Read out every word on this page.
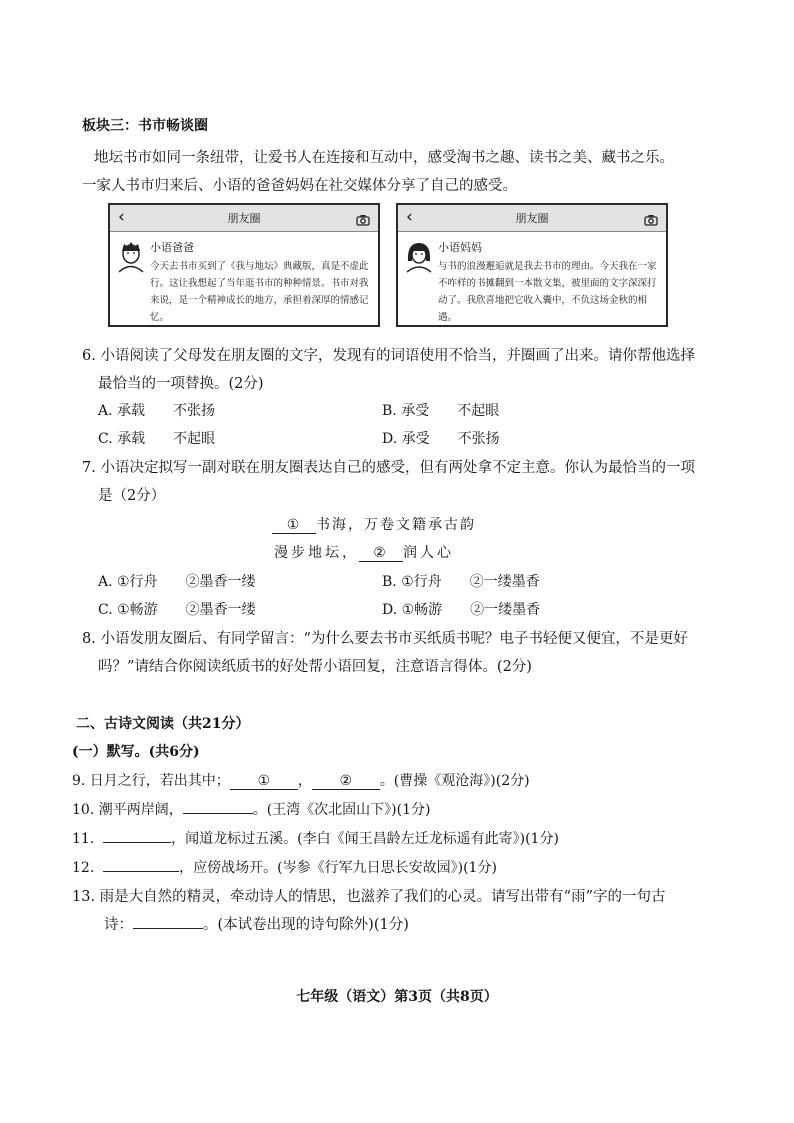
板块三：书市畅谈圈
地坛书市如同一条纽带，让爱书人在连接和互动中，感受淘书之趣、读书之美、藏书之乐。
一家人书市归来后、小语的爸爸妈妈在社交媒体分享了自己的感受。
‹	朋友圈
小语爸爸
今天去书市买到了《我与地坛》典藏版，真是不虚此行。这让我想起了当年逛书市的种种情景。书市对我来说，是一个精神成长的地方，承担着深厚的情感记忆。
‹	朋友圈
小语妈妈
与书的浪漫邂逅就是我去书市的理由。今天我在一家不咋样的书摊翻到一本散文集，被里面的文字深深打动了。我欣喜地把它收入囊中，不负这场金秋的相遇。
6. 小语阅读了父母发在朋友圈的文字，发现有的词语使用不恰当，并圈画了出来。请你帮他选择
最恰当的一项替换。(2分)
A. 承载　　不张扬	B. 承受　　不起眼
C. 承载　　不起眼	D. 承受　　不张扬
7. 小语决定拟写一副对联在朋友圈表达自己的感受，但有两处拿不定主意。你认为最恰当的一项
是（2分）
① 书海，万卷文籍承古韵
漫步地坛， ② 润人心
A. ①行舟　　②墨香一缕	B. ①行舟　　②一缕墨香
C. ①畅游　　②墨香一缕	D. ①畅游　　②一缕墨香
8. 小语发朋友圈后、有同学留言：“为什么要去书市买纸质书呢？电子书轻便又便宜，不是更好
吗？”请结合你阅读纸质书的好处帮小语回复，注意语言得体。(2分)
二、古诗文阅读（共21分）
(一）默写。(共6分)
9. 日月之行，若出其中； ① ， ② 。(曹操《观沧海》)(2分)
10. 潮平两岸阔，	。(王湾《次北固山下》)(1分)
11.	，闻道龙标过五溪。(李白《闻王昌龄左迁龙标遥有此寄》)(1分)
12.	，应傍战场开。(岑参《行军九日思长安故园》)(1分)
13. 雨是大自然的精灵，牵动诗人的情思，也滋养了我们的心灵。请写出带有“雨”字的一句古
诗：	。(本试卷出现的诗句除外)(1分)
七年级（语文）第3页（共8页）
